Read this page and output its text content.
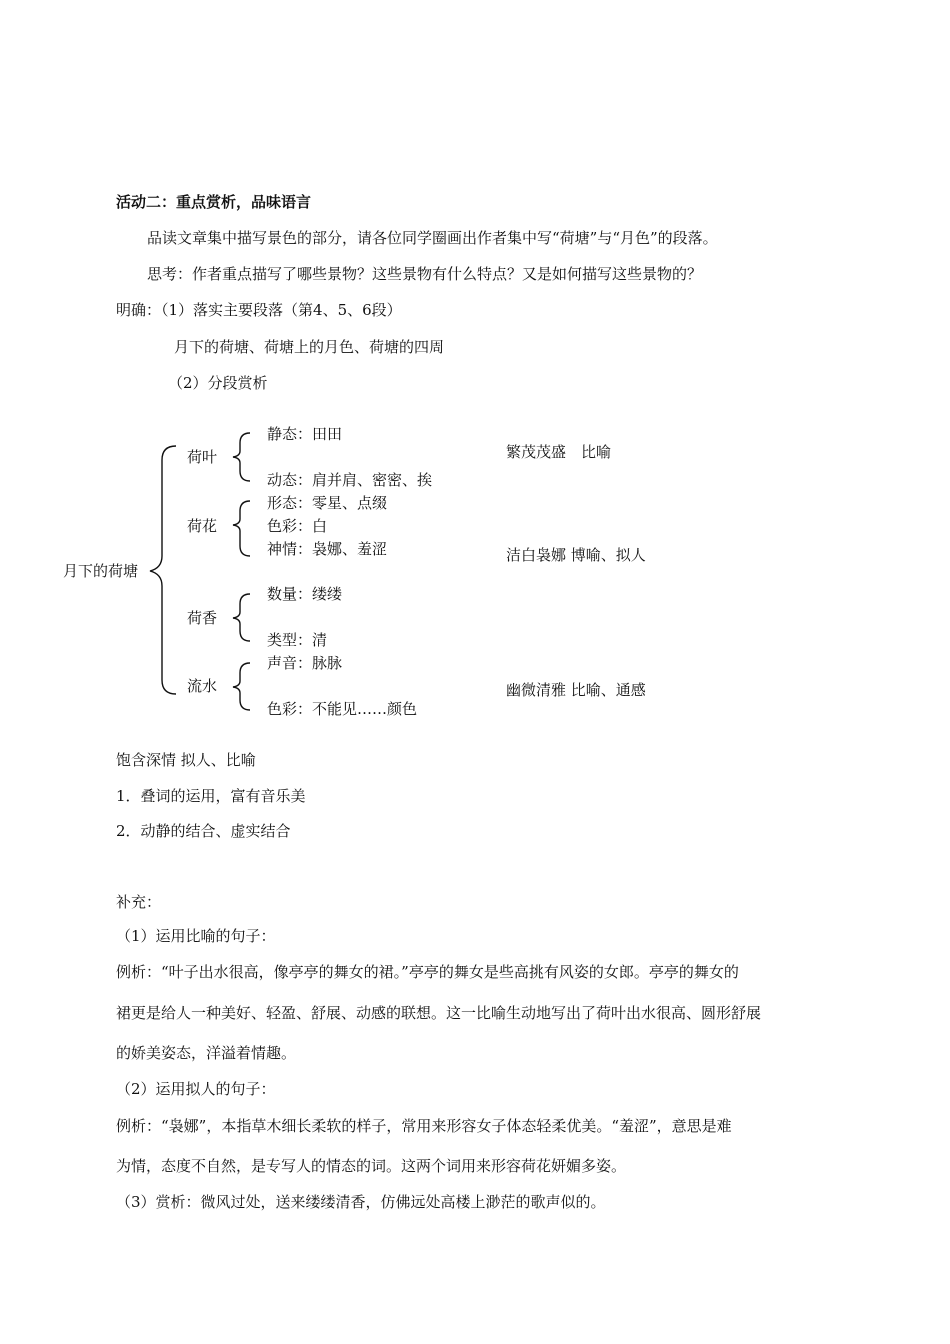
活动二：重点赏析，品味语言
品读文章集中描写景色的部分，请各位同学圈画出作者集中写“荷塘”与“月色”的段落。
思考：作者重点描写了哪些景物？这些景物有什么特点？又是如何描写这些景物的？
明确：（1）落实主要段落（第4、5、6段）
月下的荷塘、荷塘上的月色、荷塘的四周
（2）分段赏析
月下的荷塘
荷叶
荷花
荷香
流水
静态：田田
动态：肩并肩、密密、挨
形态：零星、点缀
色彩：白
神情：袅娜、羞涩
数量：缕缕
类型：清
声音：脉脉
色彩：不能见……颜色
繁茂茂盛　比喻
洁白袅娜 博喻、拟人
幽微清雅 比喻、通感
饱含深情 拟人、比喻
1．叠词的运用，富有音乐美
2．动静的结合、虚实结合
补充：
（1）运用比喻的句子：
例析：“叶子出水很高，像亭亭的舞女的裙。”亭亭的舞女是些高挑有风姿的女郎。亭亭的舞女的
裙更是给人一种美好、轻盈、舒展、动感的联想。这一比喻生动地写出了荷叶出水很高、圆形舒展
的娇美姿态，洋溢着情趣。
（2）运用拟人的句子：
例析：“袅娜”，本指草木细长柔软的样子，常用来形容女子体态轻柔优美。“羞涩”，意思是难
为情，态度不自然，是专写人的情态的词。这两个词用来形容荷花妍媚多姿。
（3）赏析：微风过处，送来缕缕清香，仿佛远处高楼上渺茫的歌声似的。
